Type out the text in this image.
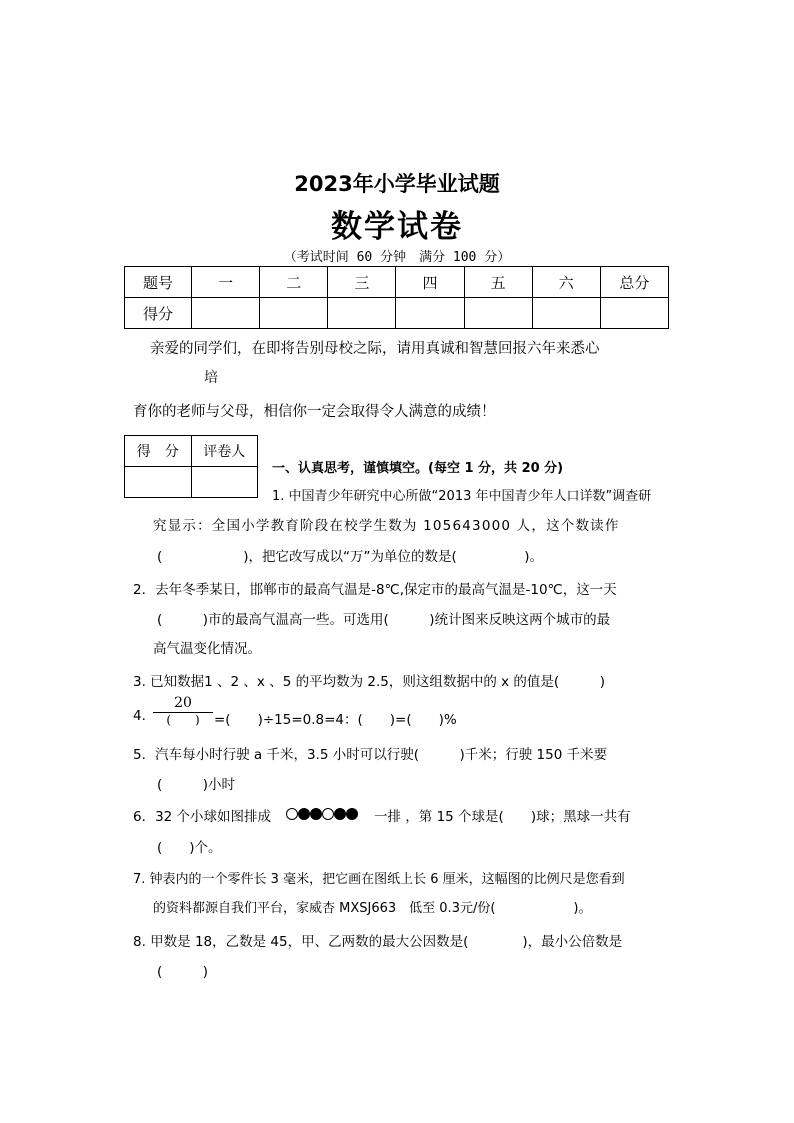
2023年小学毕业试题
数学试卷
（考试时间 60 分钟　满分 100 分）
题号	一	二	三	四	五	六	总分
得分							
亲爱的同学们，在即将告别母校之际，请用真诚和智慧回报六年来悉心
培
育你的老师与父母，相信你一定会取得令人满意的成绩！
得　分	评卷人

一、认真思考，谨慎填空。(每空 1 分，共 20 分)
1. 中国青少年研究中心所做“2013 年中国青少年人口详数”调查研
究显示：全国小学教育阶段在校学生数为 105643000 人，这个数读作
(　　　　　　)，把它改写成以“万”为单位的数是(　　　　　)。
2．去年冬季某日，邯郸市的最高气温是-8℃,保定市的最高气温是-10℃，这一天
(　　　)市的最高气温高一些。可选用(　　　)统计图来反映这两个城市的最
高气温变化情况。
3. 已知数据1 、2 、x 、5 的平均数为 2.5，则这组数据中的 x 的值是(　　　)
4.
20
(　　)	=(　　)÷15=0.8=4：(　　)=(　　)%
5．汽车每小时行驶 a 千米，3.5 小时可以行驶(　　　)千米；行驶 150 千米要
(　　　)小时
6．32 个小球如图排成	一排 ，第 15 个球是(　　)球；黑球一共有
(　　)个。
7. 钟表内的一个零件长 3 毫米，把它画在图纸上长 6 厘米，这幅图的比例尺是您看到
的资料都源自我们平台，家威杏 MXSJ663　低至 0.3元/份(　　　　　　)。
8. 甲数是 18，乙数是 45，甲、乙两数的最大公因数是(　　　　)，最小公倍数是
(　　　)
